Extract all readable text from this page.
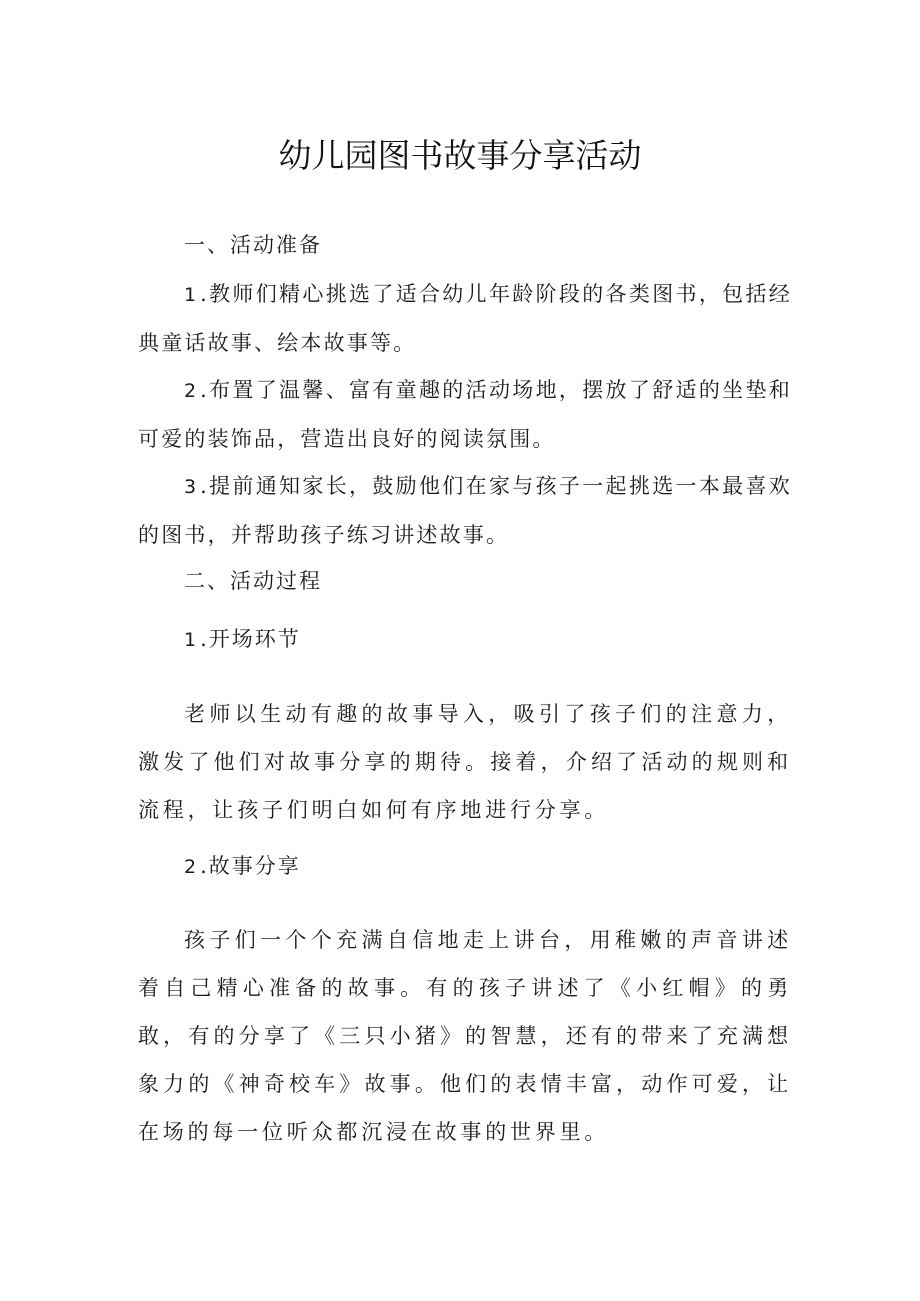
幼儿园图书故事分享活动

一、活动准备

1 .教师们精心挑选了适合幼儿年龄阶段的各类图书，包括经典童话故事、绘本故事等。

2 .布置了温馨、富有童趣的活动场地，摆放了舒适的坐垫和可爱的装饰品，营造出良好的阅读氛围。

3 .提前通知家长，鼓励他们在家与孩子一起挑选一本最喜欢的图书，并帮助孩子练习讲述故事。

二、活动过程

1 .开场环节

老师以生动有趣的故事导入，吸引了孩子们的注意力，激发了他们对故事分享的期待。接着，介绍了活动的规则和流程，让孩子们明白如何有序地进行分享。

2 .故事分享

孩子们一个个充满自信地走上讲台，用稚嫩的声音讲述着自己精心准备的故事。有的孩子讲述了《小红帽》的勇敢，有的分享了《三只小猪》的智慧，还有的带来了充满想象力的《神奇校车》故事。他们的表情丰富，动作可爱，让在场的每一位听众都沉浸在故事的世界里。
